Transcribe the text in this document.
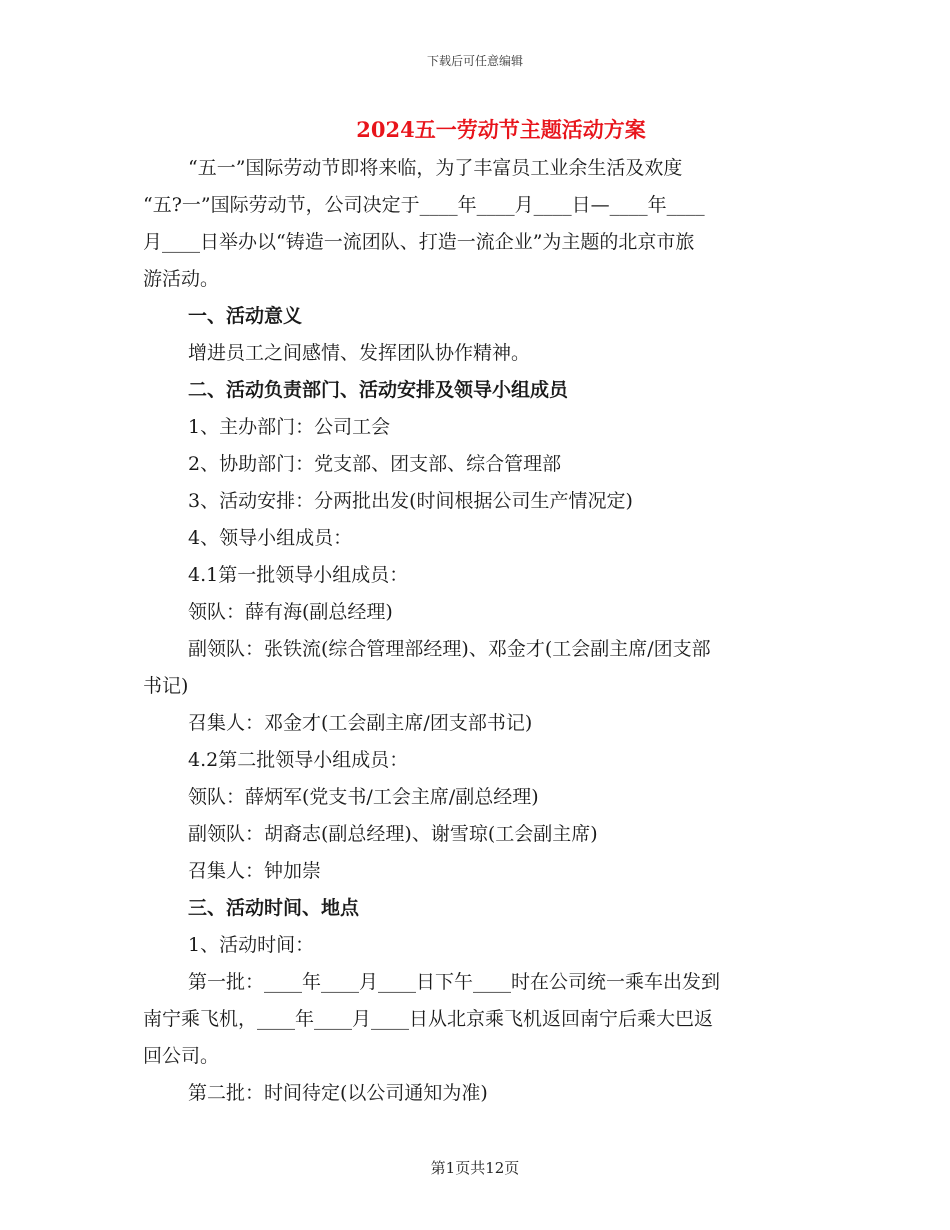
下载后可任意编辑
2024五一劳动节主题活动方案

“五一”国际劳动节即将来临，为了丰富员工业余生活及欢度

“五?一”国际劳动节，公司决定于____年____月____日—____年____

月____日举办以“铸造一流团队、打造一流企业”为主题的北京市旅

游活动。

一、活动意义

增进员工之间感情、发挥团队协作精神。

二、活动负责部门、活动安排及领导小组成员

1、主办部门：公司工会

2、协助部门：党支部、团支部、综合管理部

3、活动安排：分两批出发(时间根据公司生产情况定)

4、领导小组成员：

4.1第一批领导小组成员：

领队：薛有海(副总经理)

副领队：张铁流(综合管理部经理)、邓金才(工会副主席/团支部

书记)

召集人：邓金才(工会副主席/团支部书记)

4.2第二批领导小组成员：

领队：薛炳军(党支书/工会主席/副总经理)

副领队：胡裔志(副总经理)、谢雪琼(工会副主席)

召集人：钟加崇

三、活动时间、地点

1、活动时间：

第一批：____年____月____日下午____时在公司统一乘车出发到

南宁乘飞机，____年____月____日从北京乘飞机返回南宁后乘大巴返

回公司。

第二批：时间待定(以公司通知为准)

第1页共12页
